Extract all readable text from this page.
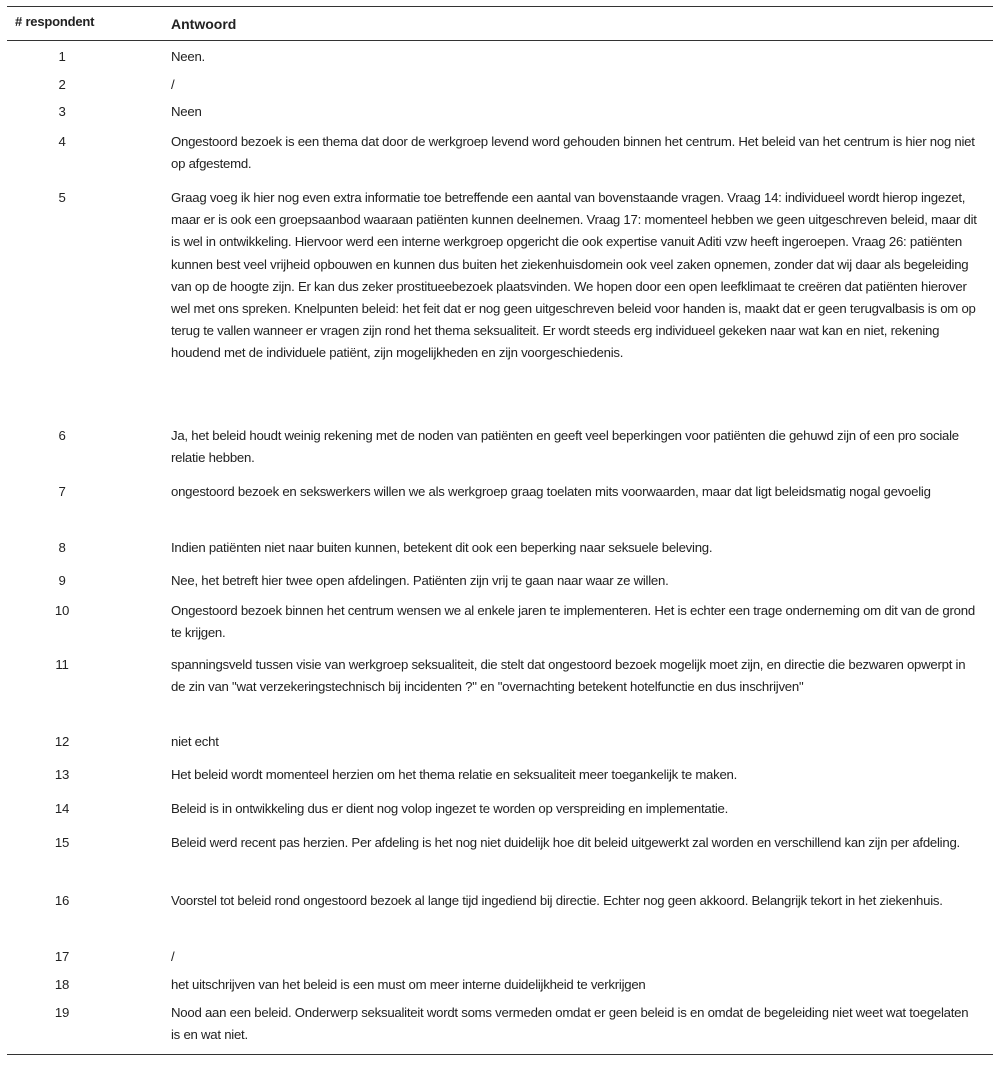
# respondent	Antwoord
1	Neen.
2	/
3	Neen
4	Ongestoord bezoek is een thema dat door de werkgroep levend word gehouden binnen het centrum. Het beleid van het centrum is hier nog niet op afgestemd.
5	Graag voeg ik hier nog even extra informatie toe betreffende een aantal van bovenstaande vragen. Vraag 14: individueel wordt hierop ingezet, maar er is ook een groepsaanbod waaraan patiënten kunnen deelnemen. Vraag 17: momenteel hebben we geen uitgeschreven beleid, maar dit is wel in ontwikkeling. Hiervoor werd een interne werkgroep opgericht die ook expertise vanuit Aditi vzw heeft ingeroepen. Vraag 26: patiënten kunnen best veel vrijheid opbouwen en kunnen dus buiten het ziekenhuisdomein ook veel zaken opnemen, zonder dat wij daar als begeleiding van op de hoogte zijn. Er kan dus zeker prostitueebezoek plaatsvinden. We hopen door een open leefklimaat te creëren dat patiënten hierover wel met ons spreken. Knelpunten beleid: het feit dat er nog geen uitgeschreven beleid voor handen is, maakt dat er geen terugvalbasis is om op terug te vallen wanneer er vragen zijn rond het thema seksualiteit. Er wordt steeds erg individueel gekeken naar wat kan en niet, rekening houdend met de individuele patiënt, zijn mogelijkheden en zijn voorgeschiedenis.
6	Ja, het beleid houdt weinig rekening met de noden van patiënten en geeft veel beperkingen voor patiënten die gehuwd zijn of een pro sociale relatie hebben.
7	ongestoord bezoek en sekswerkers willen we als werkgroep graag toelaten mits voorwaarden, maar dat ligt beleidsmatig nogal gevoelig
8	Indien patiënten niet naar buiten kunnen, betekent dit ook een beperking naar seksuele beleving.
9	Nee, het betreft hier twee open afdelingen. Patiënten zijn vrij te gaan naar waar ze willen.
10	Ongestoord bezoek binnen het centrum wensen we al enkele jaren te implementeren. Het is echter een trage onderneming om dit van de grond te krijgen.
11	spanningsveld tussen visie van werkgroep seksualiteit, die stelt dat ongestoord bezoek mogelijk moet zijn, en directie die bezwaren opwerpt in de zin van "wat verzekeringstechnisch bij incidenten ?" en "overnachting betekent hotelfunctie en dus inschrijven"
12	niet echt
13	Het beleid wordt momenteel herzien om het thema relatie en seksualiteit meer toegankelijk te maken.
14	Beleid is in ontwikkeling dus er dient nog volop ingezet te worden op verspreiding en implementatie.
15	Beleid werd recent pas herzien. Per afdeling is het nog niet duidelijk hoe dit beleid uitgewerkt zal worden en verschillend kan zijn per afdeling.
16	Voorstel tot beleid rond ongestoord bezoek al lange tijd ingediend bij directie. Echter nog geen akkoord. Belangrijk tekort in het ziekenhuis.
17	/
18	het uitschrijven van het beleid is een must om meer interne duidelijkheid te verkrijgen
19	Nood aan een beleid. Onderwerp seksualiteit wordt soms vermeden omdat er geen beleid is en omdat de begeleiding niet weet wat toegelaten is en wat niet.
